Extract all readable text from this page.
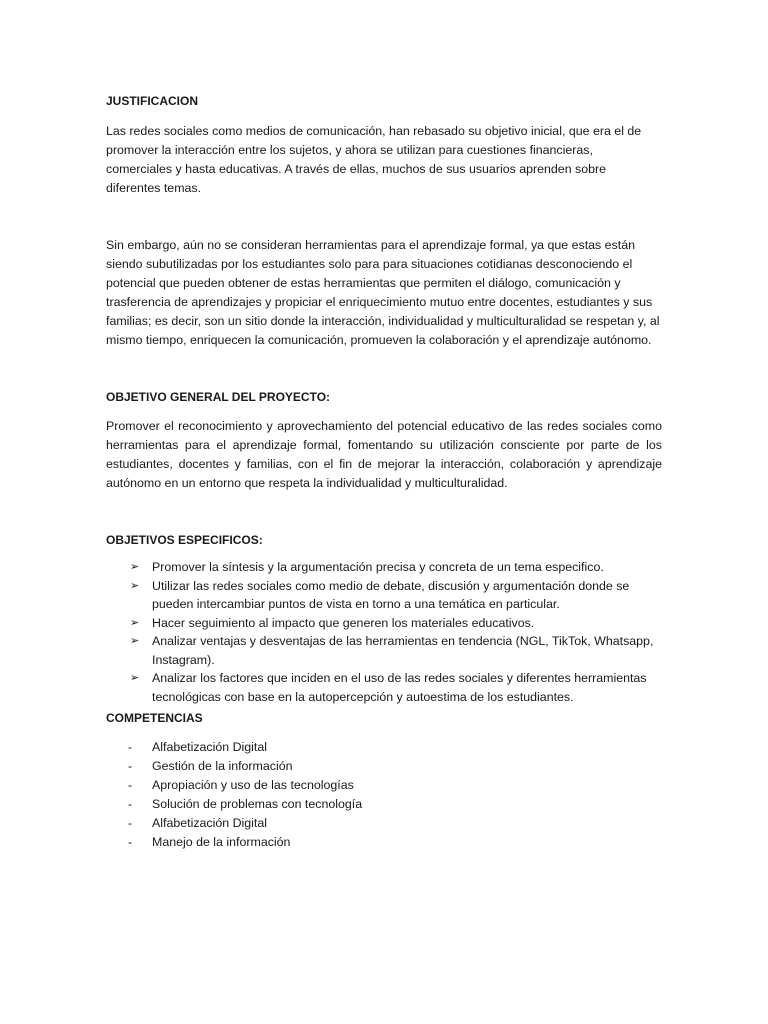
JUSTIFICACION

Las redes sociales como medios de comunicación, han rebasado su objetivo inicial, que era el de promover la interacción entre los sujetos, y ahora se utilizan para cuestiones financieras, comerciales y hasta educativas. A través de ellas, muchos de sus usuarios aprenden sobre diferentes temas.

Sin embargo, aún no se consideran herramientas para el aprendizaje formal, ya que estas están siendo subutilizadas por los estudiantes solo para para situaciones cotidianas desconociendo el potencial que pueden obtener de estas herramientas que permiten el diálogo, comunicación y trasferencia de aprendizajes y propiciar el enriquecimiento mutuo entre docentes, estudiantes y sus familias; es decir, son un sitio donde la interacción, individualidad y multiculturalidad se respetan y, al mismo tiempo, enriquecen la comunicación, promueven la colaboración y el aprendizaje autónomo.

OBJETIVO GENERAL DEL PROYECTO:

Promover el reconocimiento y aprovechamiento del potencial educativo de las redes sociales como herramientas para el aprendizaje formal, fomentando su utilización consciente por parte de los estudiantes, docentes y familias, con el fin de mejorar la interacción, colaboración y aprendizaje autónomo en un entorno que respeta la individualidad y multiculturalidad.

OBJETIVOS ESPECIFICOS:

➢ Promover la síntesis y la argumentación precisa y concreta de un tema especifico.
➢ Utilizar las redes sociales como medio de debate, discusión y argumentación donde se pueden intercambiar puntos de vista en torno a una temática en particular.
➢ Hacer seguimiento al impacto que generen los materiales educativos.
➢ Analizar ventajas y desventajas de las herramientas en tendencia (NGL, TikTok, Whatsapp, Instagram).
➢ Analizar los factores que inciden en el uso de las redes sociales y diferentes herramientas tecnológicas con base en la autopercepción y autoestima de los estudiantes.

COMPETENCIAS

- Alfabetización Digital
- Gestión de la información
- Apropiación y uso de las tecnologías
- Solución de problemas con tecnología
- Alfabetización Digital
- Manejo de la información
